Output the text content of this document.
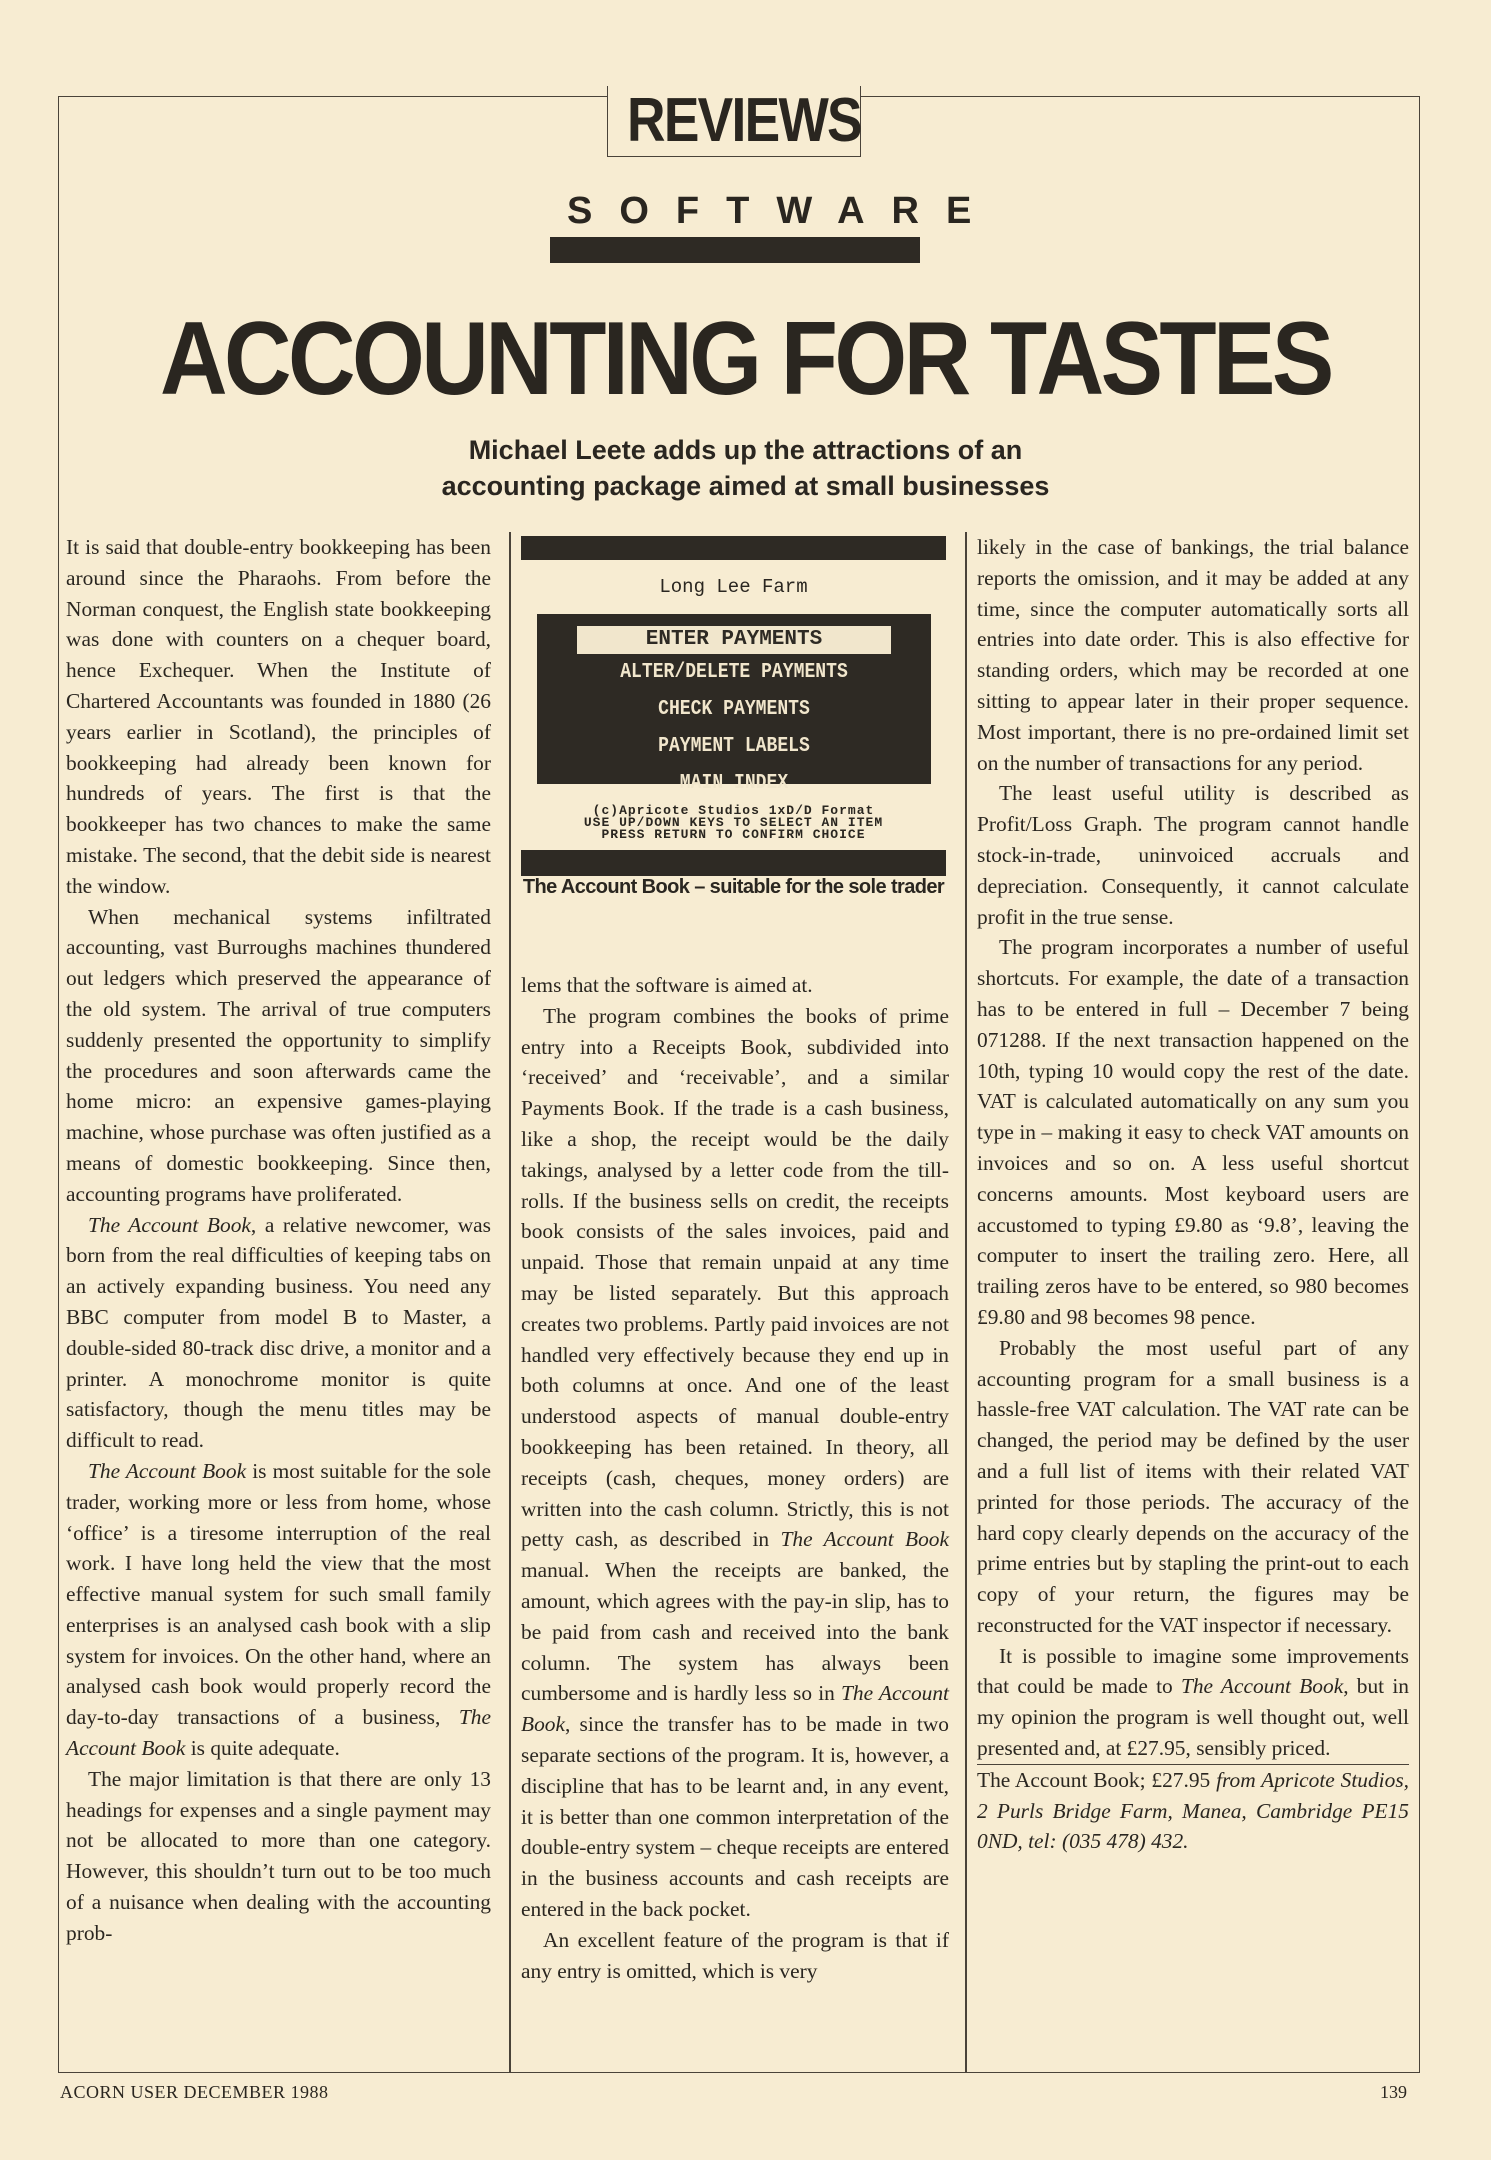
REVIEWS
SOFTWARE
ACCOUNTING FOR TASTES
Michael Leete adds up the attractions of an
accounting package aimed at small businesses

It is said that double-entry bookkeeping has been around since the Pharaohs. From before the Norman conquest, the English state bookkeeping was done with counters on a chequer board, hence Exchequer. When the Institute of Chartered Accountants was founded in 1880 (26 years earlier in Scotland), the principles of bookkeeping had already been known for hundreds of years. The first is that the bookkeeper has two chances to make the same mistake. The second, that the debit side is nearest the window.

When mechanical systems infiltrated accounting, vast Burroughs machines thundered out ledgers which preserved the appearance of the old system. The arrival of true computers suddenly presented the opportunity to simplify the procedures and soon afterwards came the home micro: an expensive games-playing machine, whose purchase was often justified as a means of domestic bookkeeping. Since then, accounting programs have proliferated.

The Account Book, a relative newcomer, was born from the real difficulties of keeping tabs on an actively expanding business. You need any BBC computer from model B to Master, a double-sided 80-track disc drive, a monitor and a printer. A monochrome monitor is quite satisfactory, though the menu titles may be difficult to read.

The Account Book is most suitable for the sole trader, working more or less from home, whose ‘office’ is a tiresome interruption of the real work. I have long held the view that the most effective manual system for such small family enterprises is an analysed cash book with a slip system for invoices. On the other hand, where an analysed cash book would properly record the day-to-day transactions of a business, The Account Book is quite adequate.

The major limitation is that there are only 13 headings for expenses and a single payment may not be allocated to more than one category. However, this shouldn’t turn out to be too much of a nuisance when dealing with the accounting prob-

Long Lee Farm
ENTER PAYMENTS
ALTER/DELETE PAYMENTS
CHECK PAYMENTS
PAYMENT LABELS
MAIN INDEX
(c)Apricote Studios 1xD/D Format
USE UP/DOWN KEYS TO SELECT AN ITEM
PRESS RETURN TO CONFIRM CHOICE
The Account Book – suitable for the sole trader

lems that the software is aimed at.

The program combines the books of prime entry into a Receipts Book, subdivided into ‘received’ and ‘receivable’, and a similar Payments Book. If the trade is a cash business, like a shop, the receipt would be the daily takings, analysed by a letter code from the till-rolls. If the business sells on credit, the receipts book consists of the sales invoices, paid and unpaid. Those that remain unpaid at any time may be listed separately. But this approach creates two problems. Partly paid invoices are not handled very effectively because they end up in both columns at once. And one of the least understood aspects of manual double-entry bookkeeping has been retained. In theory, all receipts (cash, cheques, money orders) are written into the cash column. Strictly, this is not petty cash, as described in The Account Book manual. When the receipts are banked, the amount, which agrees with the pay-in slip, has to be paid from cash and received into the bank column. The system has always been cumbersome and is hardly less so in The Account Book, since the transfer has to be made in two separate sections of the program. It is, however, a discipline that has to be learnt and, in any event, it is better than one common interpretation of the double-entry system – cheque receipts are entered in the business accounts and cash receipts are entered in the back pocket.

An excellent feature of the program is that if any entry is omitted, which is very

likely in the case of bankings, the trial balance reports the omission, and it may be added at any time, since the computer automatically sorts all entries into date order. This is also effective for standing orders, which may be recorded at one sitting to appear later in their proper sequence. Most important, there is no pre-ordained limit set on the number of transactions for any period.

The least useful utility is described as Profit/Loss Graph. The program cannot handle stock-in-trade, uninvoiced accruals and depreciation. Consequently, it cannot calculate profit in the true sense.

The program incorporates a number of useful shortcuts. For example, the date of a transaction has to be entered in full – December 7 being 071288. If the next transaction happened on the 10th, typing 10 would copy the rest of the date. VAT is calculated automatically on any sum you type in – making it easy to check VAT amounts on invoices and so on. A less useful shortcut concerns amounts. Most keyboard users are accustomed to typing £9.80 as ‘9.8’, leaving the computer to insert the trailing zero. Here, all trailing zeros have to be entered, so 980 becomes £9.80 and 98 becomes 98 pence.

Probably the most useful part of any accounting program for a small business is a hassle-free VAT calculation. The VAT rate can be changed, the period may be defined by the user and a full list of items with their related VAT printed for those periods. The accuracy of the hard copy clearly depends on the accuracy of the prime entries but by stapling the print-out to each copy of your return, the figures may be reconstructed for the VAT inspector if necessary.

It is possible to imagine some improvements that could be made to The Account Book, but in my opinion the program is well thought out, well presented and, at £27.95, sensibly priced.

The Account Book; £27.95 from Apricote Studios, 2 Purls Bridge Farm, Manea, Cambridge PE15 0ND, tel: (035 478) 432.

ACORN USER DECEMBER 1988	139
